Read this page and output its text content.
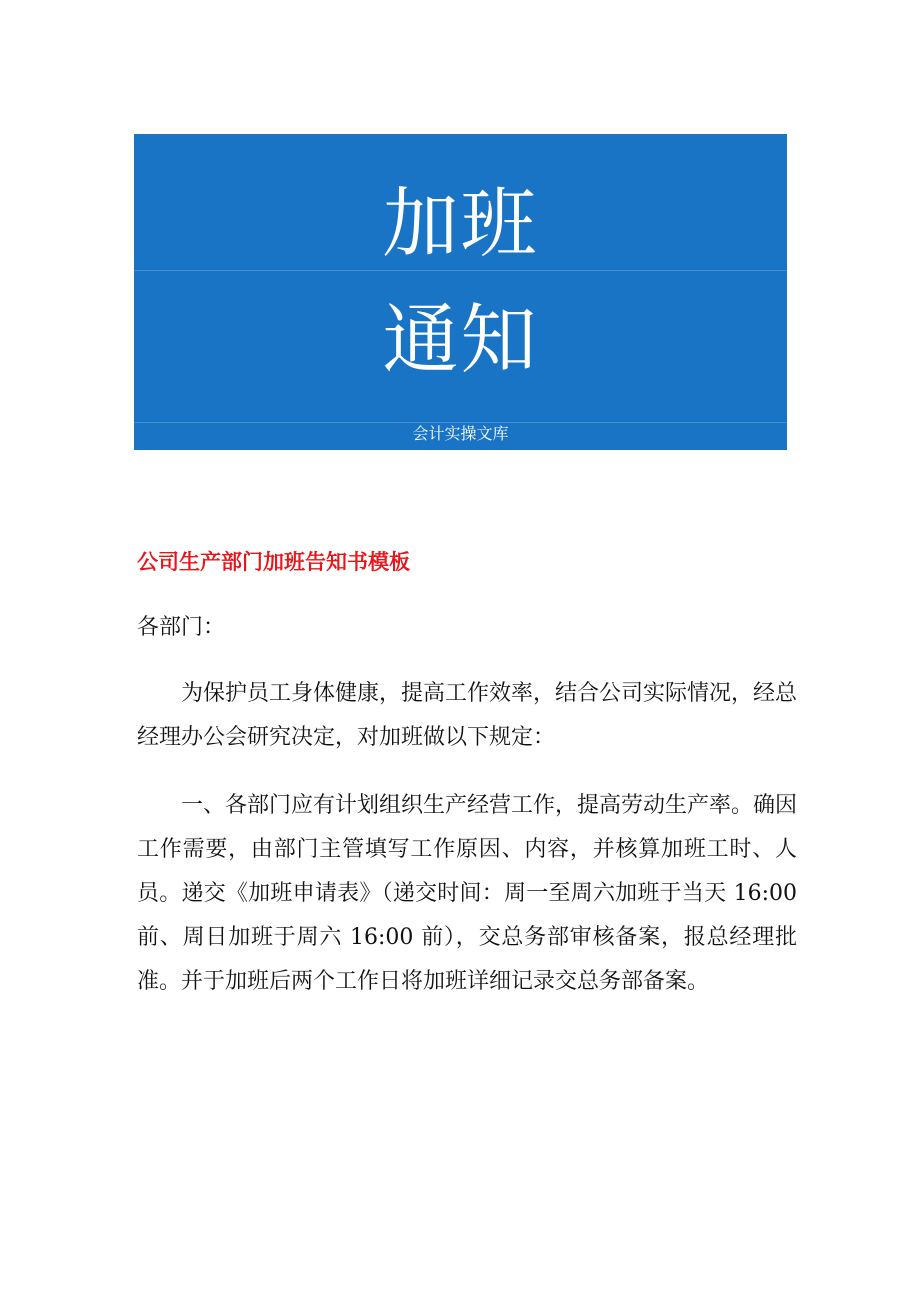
加班
通知
会计实操文库
公司生产部门加班告知书模板
各部门：
为保护员工身体健康，提高工作效率，结合公司实际情况，经总经理办公会研究决定，对加班做以下规定：
一、各部门应有计划组织生产经营工作，提高劳动生产率。确因工作需要，由部门主管填写工作原因、内容，并核算加班工时、人员。递交《加班申请表》（递交时间：周一至周六加班于当天 16:00 前、周日加班于周六 16:00 前），交总务部审核备案，报总经理批准。并于加班后两个工作日将加班详细记录交总务部备案。
